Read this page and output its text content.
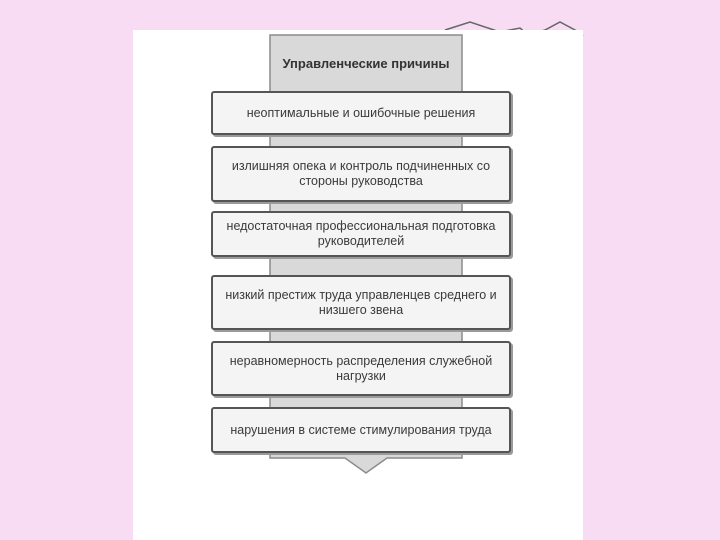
Управленческие причины
неоптимальные и ошибочные решения
излишняя опека и контроль подчиненных со стороны руководства
недостаточная профессиональная подготовка руководителей
низкий престиж труда управленцев среднего и низшего звена
неравномерность распределения служебной нагрузки
нарушения в системе стимулирования труда
